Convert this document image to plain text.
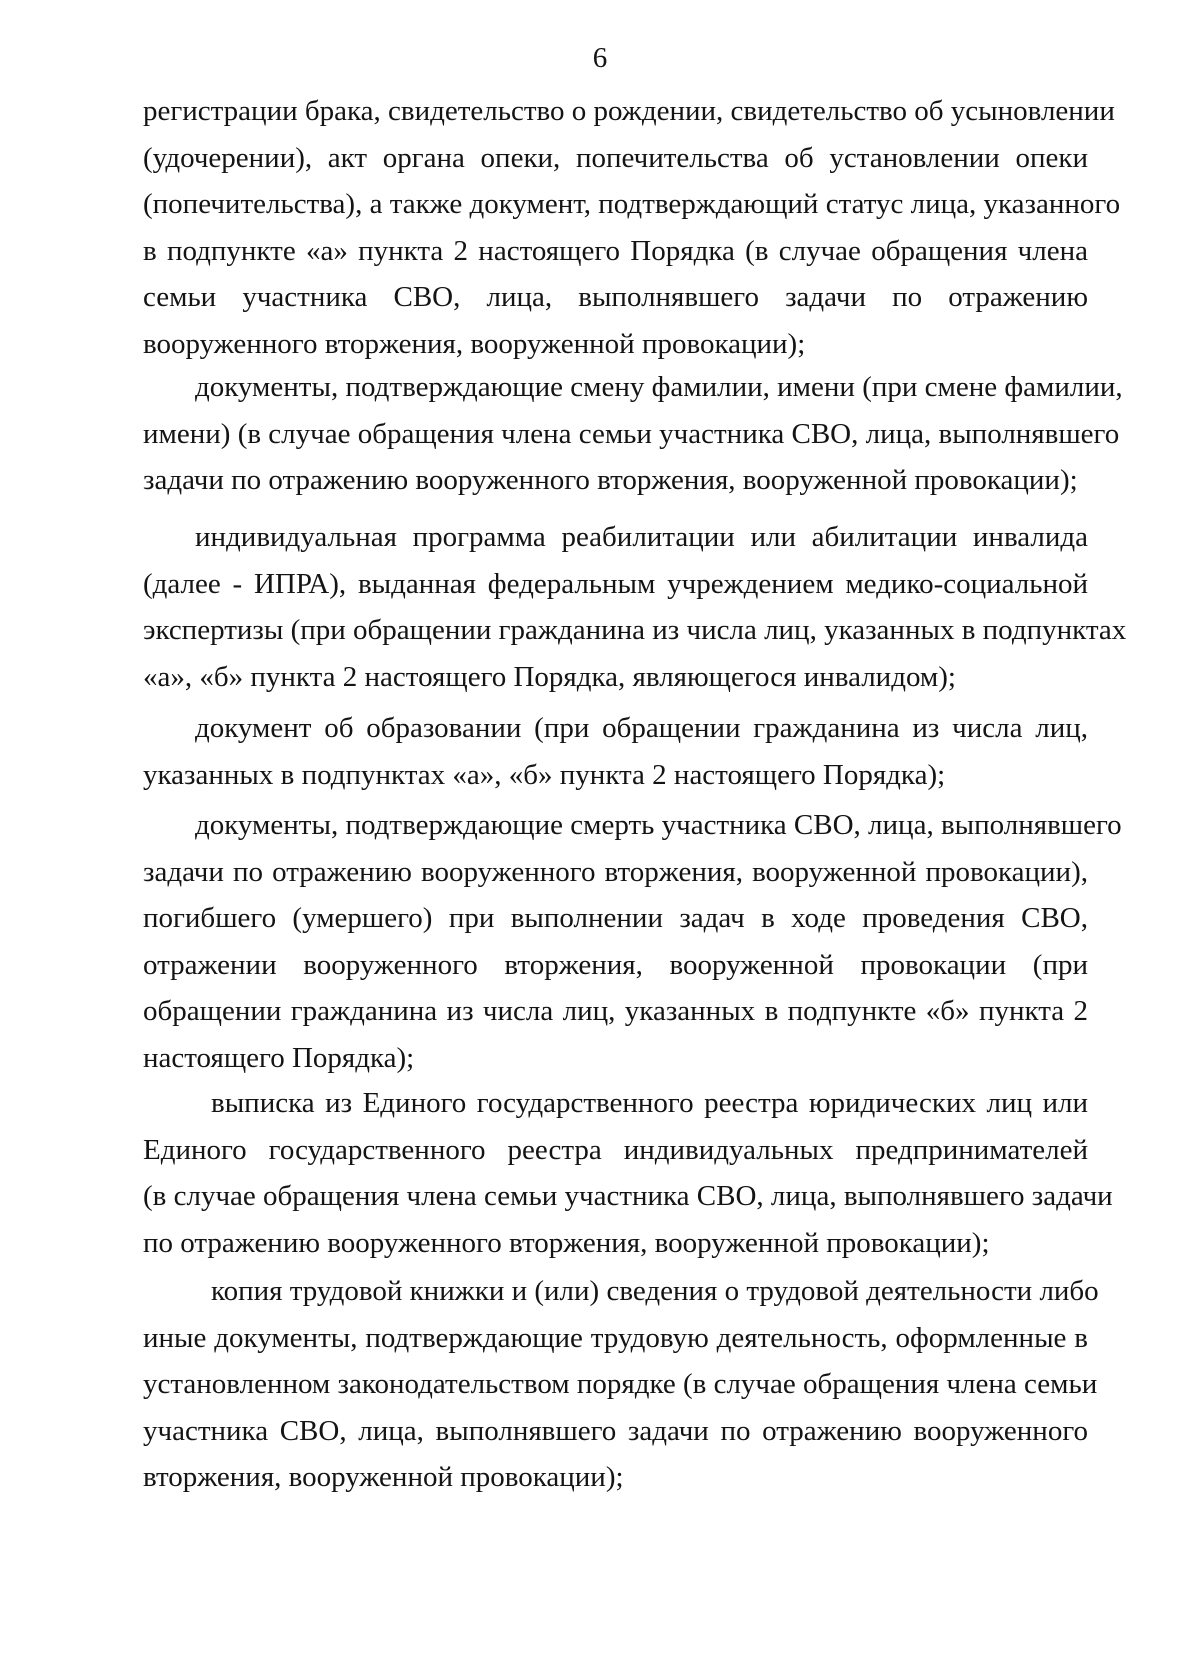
6
регистрации брака, свидетельство о рождении, свидетельство об усыновлении
(удочерении), акт органа опеки, попечительства об установлении опеки
(попечительства), а также документ, подтверждающий статус лица, указанного
в подпункте «а» пункта 2 настоящего Порядка (в случае обращения члена
семьи участника СВО, лица, выполнявшего задачи по отражению
вооруженного вторжения, вооруженной провокации);
документы, подтверждающие смену фамилии, имени (при смене фамилии,
имени) (в случае обращения члена семьи участника СВО, лица, выполнявшего
задачи по отражению вооруженного вторжения, вооруженной провокации);
индивидуальная программа реабилитации или абилитации инвалида
(далее - ИПРА), выданная федеральным учреждением медико-социальной
экспертизы (при обращении гражданина из числа лиц, указанных в подпунктах
«а», «б» пункта 2 настоящего Порядка, являющегося инвалидом);
документ об образовании (при обращении гражданина из числа лиц,
указанных в подпунктах «а», «б» пункта 2 настоящего Порядка);
документы, подтверждающие смерть участника СВО, лица, выполнявшего
задачи по отражению вооруженного вторжения, вооруженной провокации),
погибшего (умершего) при выполнении задач в ходе проведения СВО,
отражении вооруженного вторжения, вооруженной провокации (при
обращении гражданина из числа лиц, указанных в подпункте «б» пункта 2
настоящего Порядка);
выписка из Единого государственного реестра юридических лиц или
Единого государственного реестра индивидуальных предпринимателей
(в случае обращения члена семьи участника СВО, лица, выполнявшего задачи
по отражению вооруженного вторжения, вооруженной провокации);
копия трудовой книжки и (или) сведения о трудовой деятельности либо
иные документы, подтверждающие трудовую деятельность, оформленные в
установленном законодательством порядке (в случае обращения члена семьи
участника СВО, лица, выполнявшего задачи по отражению вооруженного
вторжения, вооруженной провокации);
